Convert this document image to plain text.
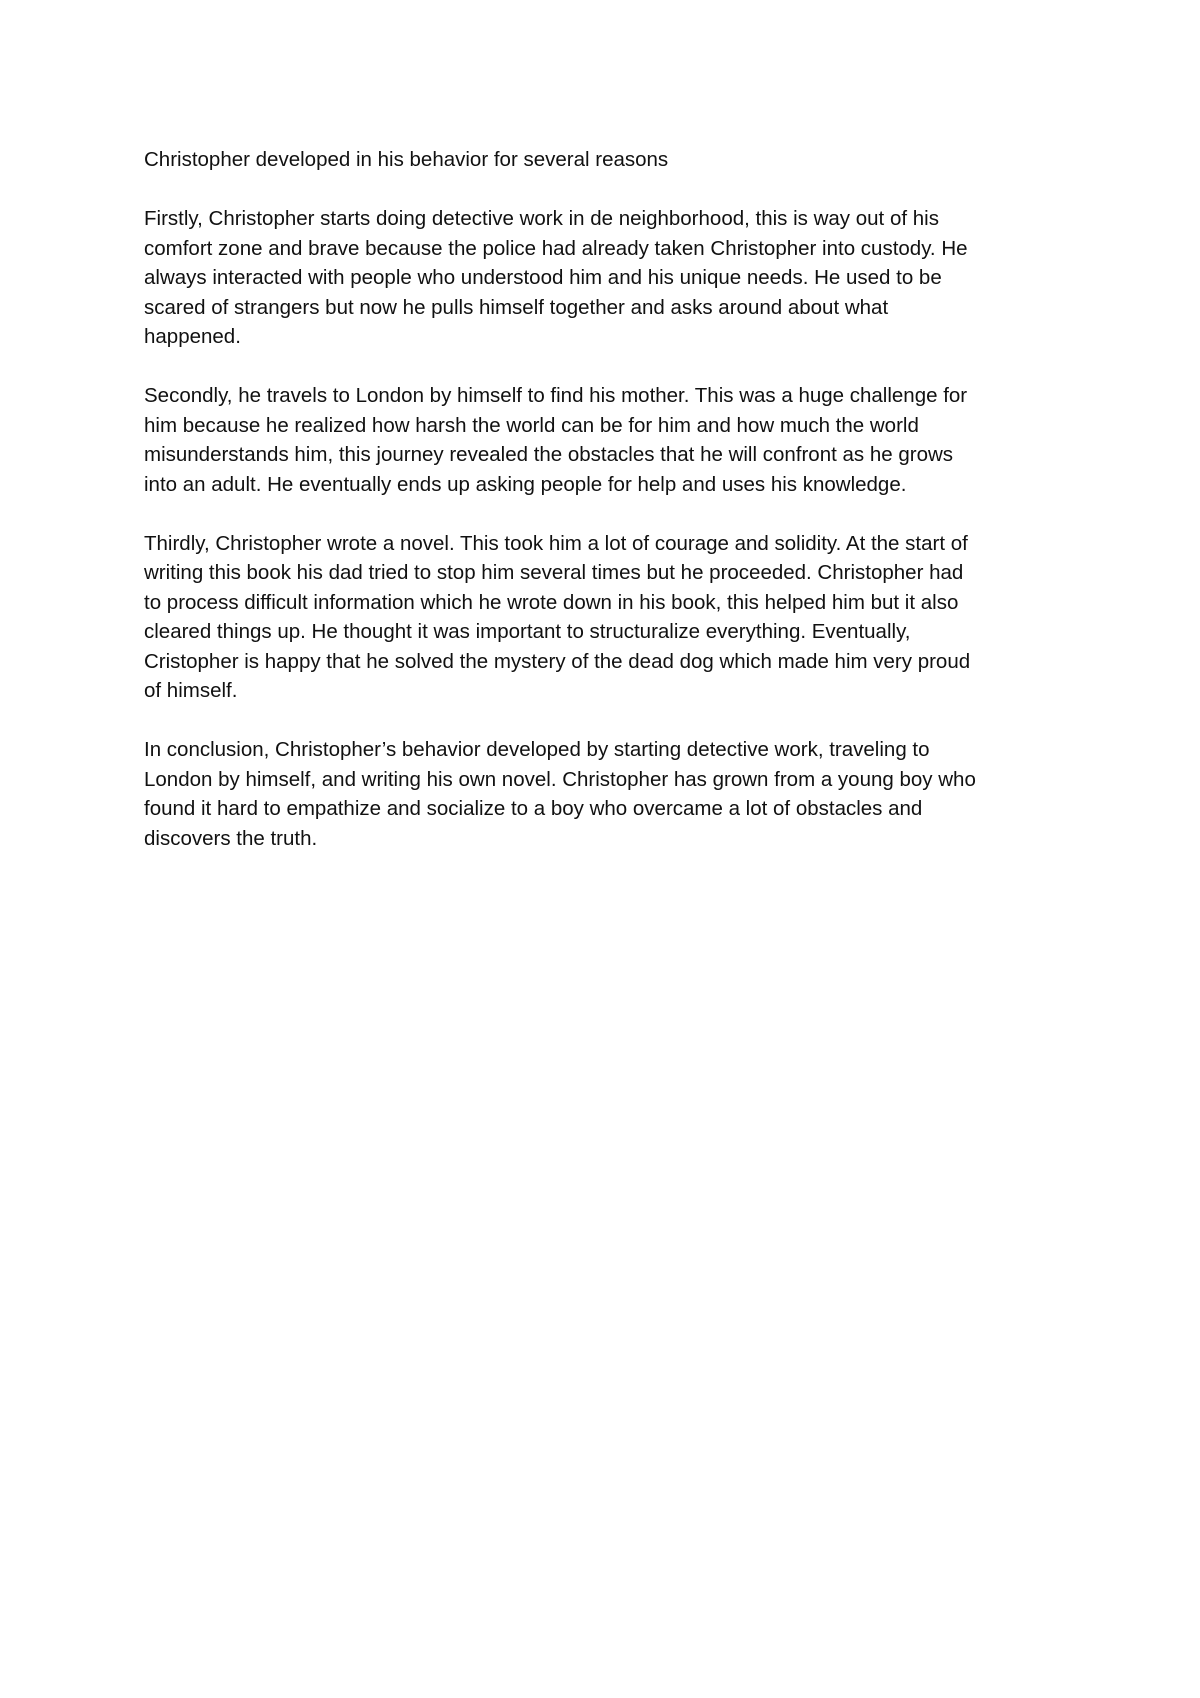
Christopher developed in his behavior for several reasons

Firstly, Christopher starts doing detective work in de neighborhood, this is way out of his
comfort zone and brave because the police had already taken Christopher into custody. He
always interacted with people who understood him and his unique needs. He used to be
scared of strangers but now he pulls himself together and asks around about what
happened.

Secondly, he travels to London by himself to find his mother. This was a huge challenge for
him because he realized how harsh the world can be for him and how much the world
misunderstands him, this journey revealed the obstacles that he will confront as he grows
into an adult. He eventually ends up asking people for help and uses his knowledge.

Thirdly, Christopher wrote a novel. This took him a lot of courage and solidity. At the start of
writing this book his dad tried to stop him several times but he proceeded. Christopher had
to process difficult information which he wrote down in his book, this helped him but it also
cleared things up. He thought it was important to structuralize everything. Eventually,
Cristopher is happy that he solved the mystery of the dead dog which made him very proud
of himself.

In conclusion, Christopher’s behavior developed by starting detective work, traveling to
London by himself, and writing his own novel. Christopher has grown from a young boy who
found it hard to empathize and socialize to a boy who overcame a lot of obstacles and
discovers the truth.
